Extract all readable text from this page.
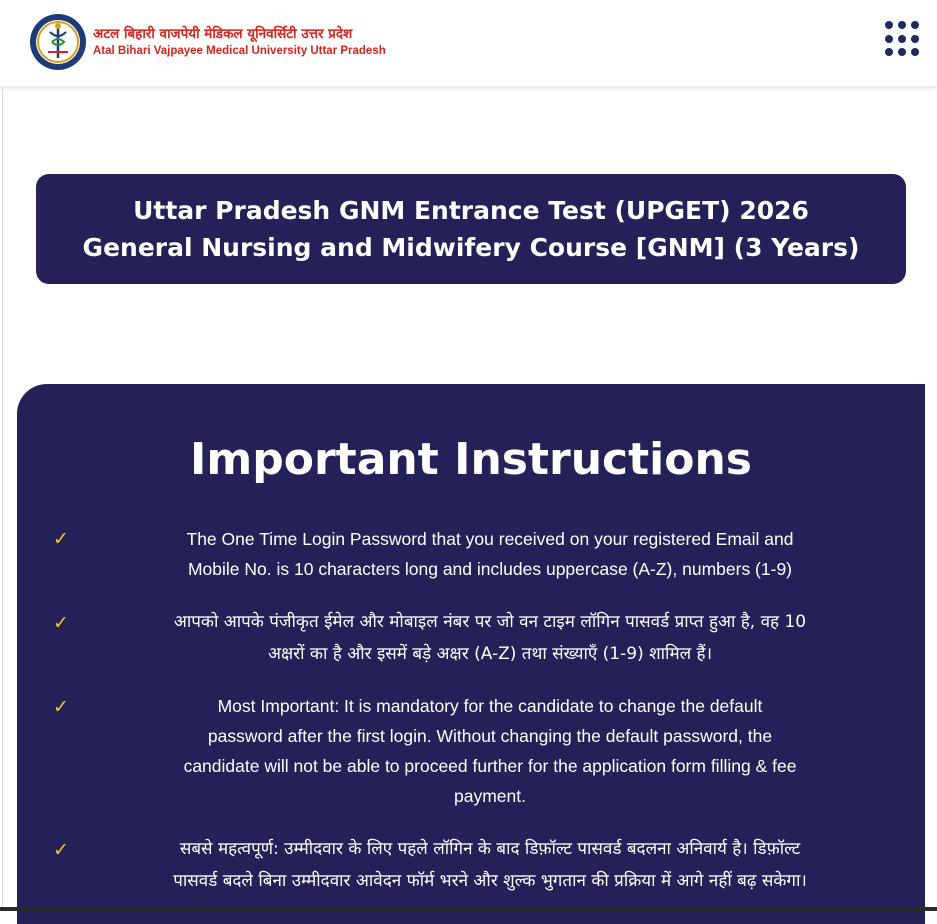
अटल बिहारी वाजपेयी मेडिकल यूनिवर्सिटी उत्तर प्रदेश
Atal Bihari Vajpayee Medical University Uttar Pradesh
Uttar Pradesh GNM Entrance Test (UPGET) 2026
General Nursing and Midwifery Course [GNM] (3 Years)
Important Instructions
✓	The One Time Login Password that you received on your registered Email and
Mobile No. is 10 characters long and includes uppercase (A-Z), numbers (1-9)
✓	आपको आपके पंजीकृत ईमेल और मोबाइल नंबर पर जो वन टाइम लॉगिन पासवर्ड प्राप्त हुआ है, वह 10
अक्षरों का है और इसमें बड़े अक्षर (A-Z) तथा संख्याएँ (1-9) शामिल हैं।
✓	Most Important: It is mandatory for the candidate to change the default
password after the first login. Without changing the default password, the
candidate will not be able to proceed further for the application form filling & fee
payment.
✓	सबसे महत्वपूर्ण: उम्मीदवार के लिए पहले लॉगिन के बाद डिफ़ॉल्ट पासवर्ड बदलना अनिवार्य है। डिफ़ॉल्ट
पासवर्ड बदले बिना उम्मीदवार आवेदन फॉर्म भरने और शुल्क भुगतान की प्रक्रिया में आगे नहीं बढ़ सकेगा।
